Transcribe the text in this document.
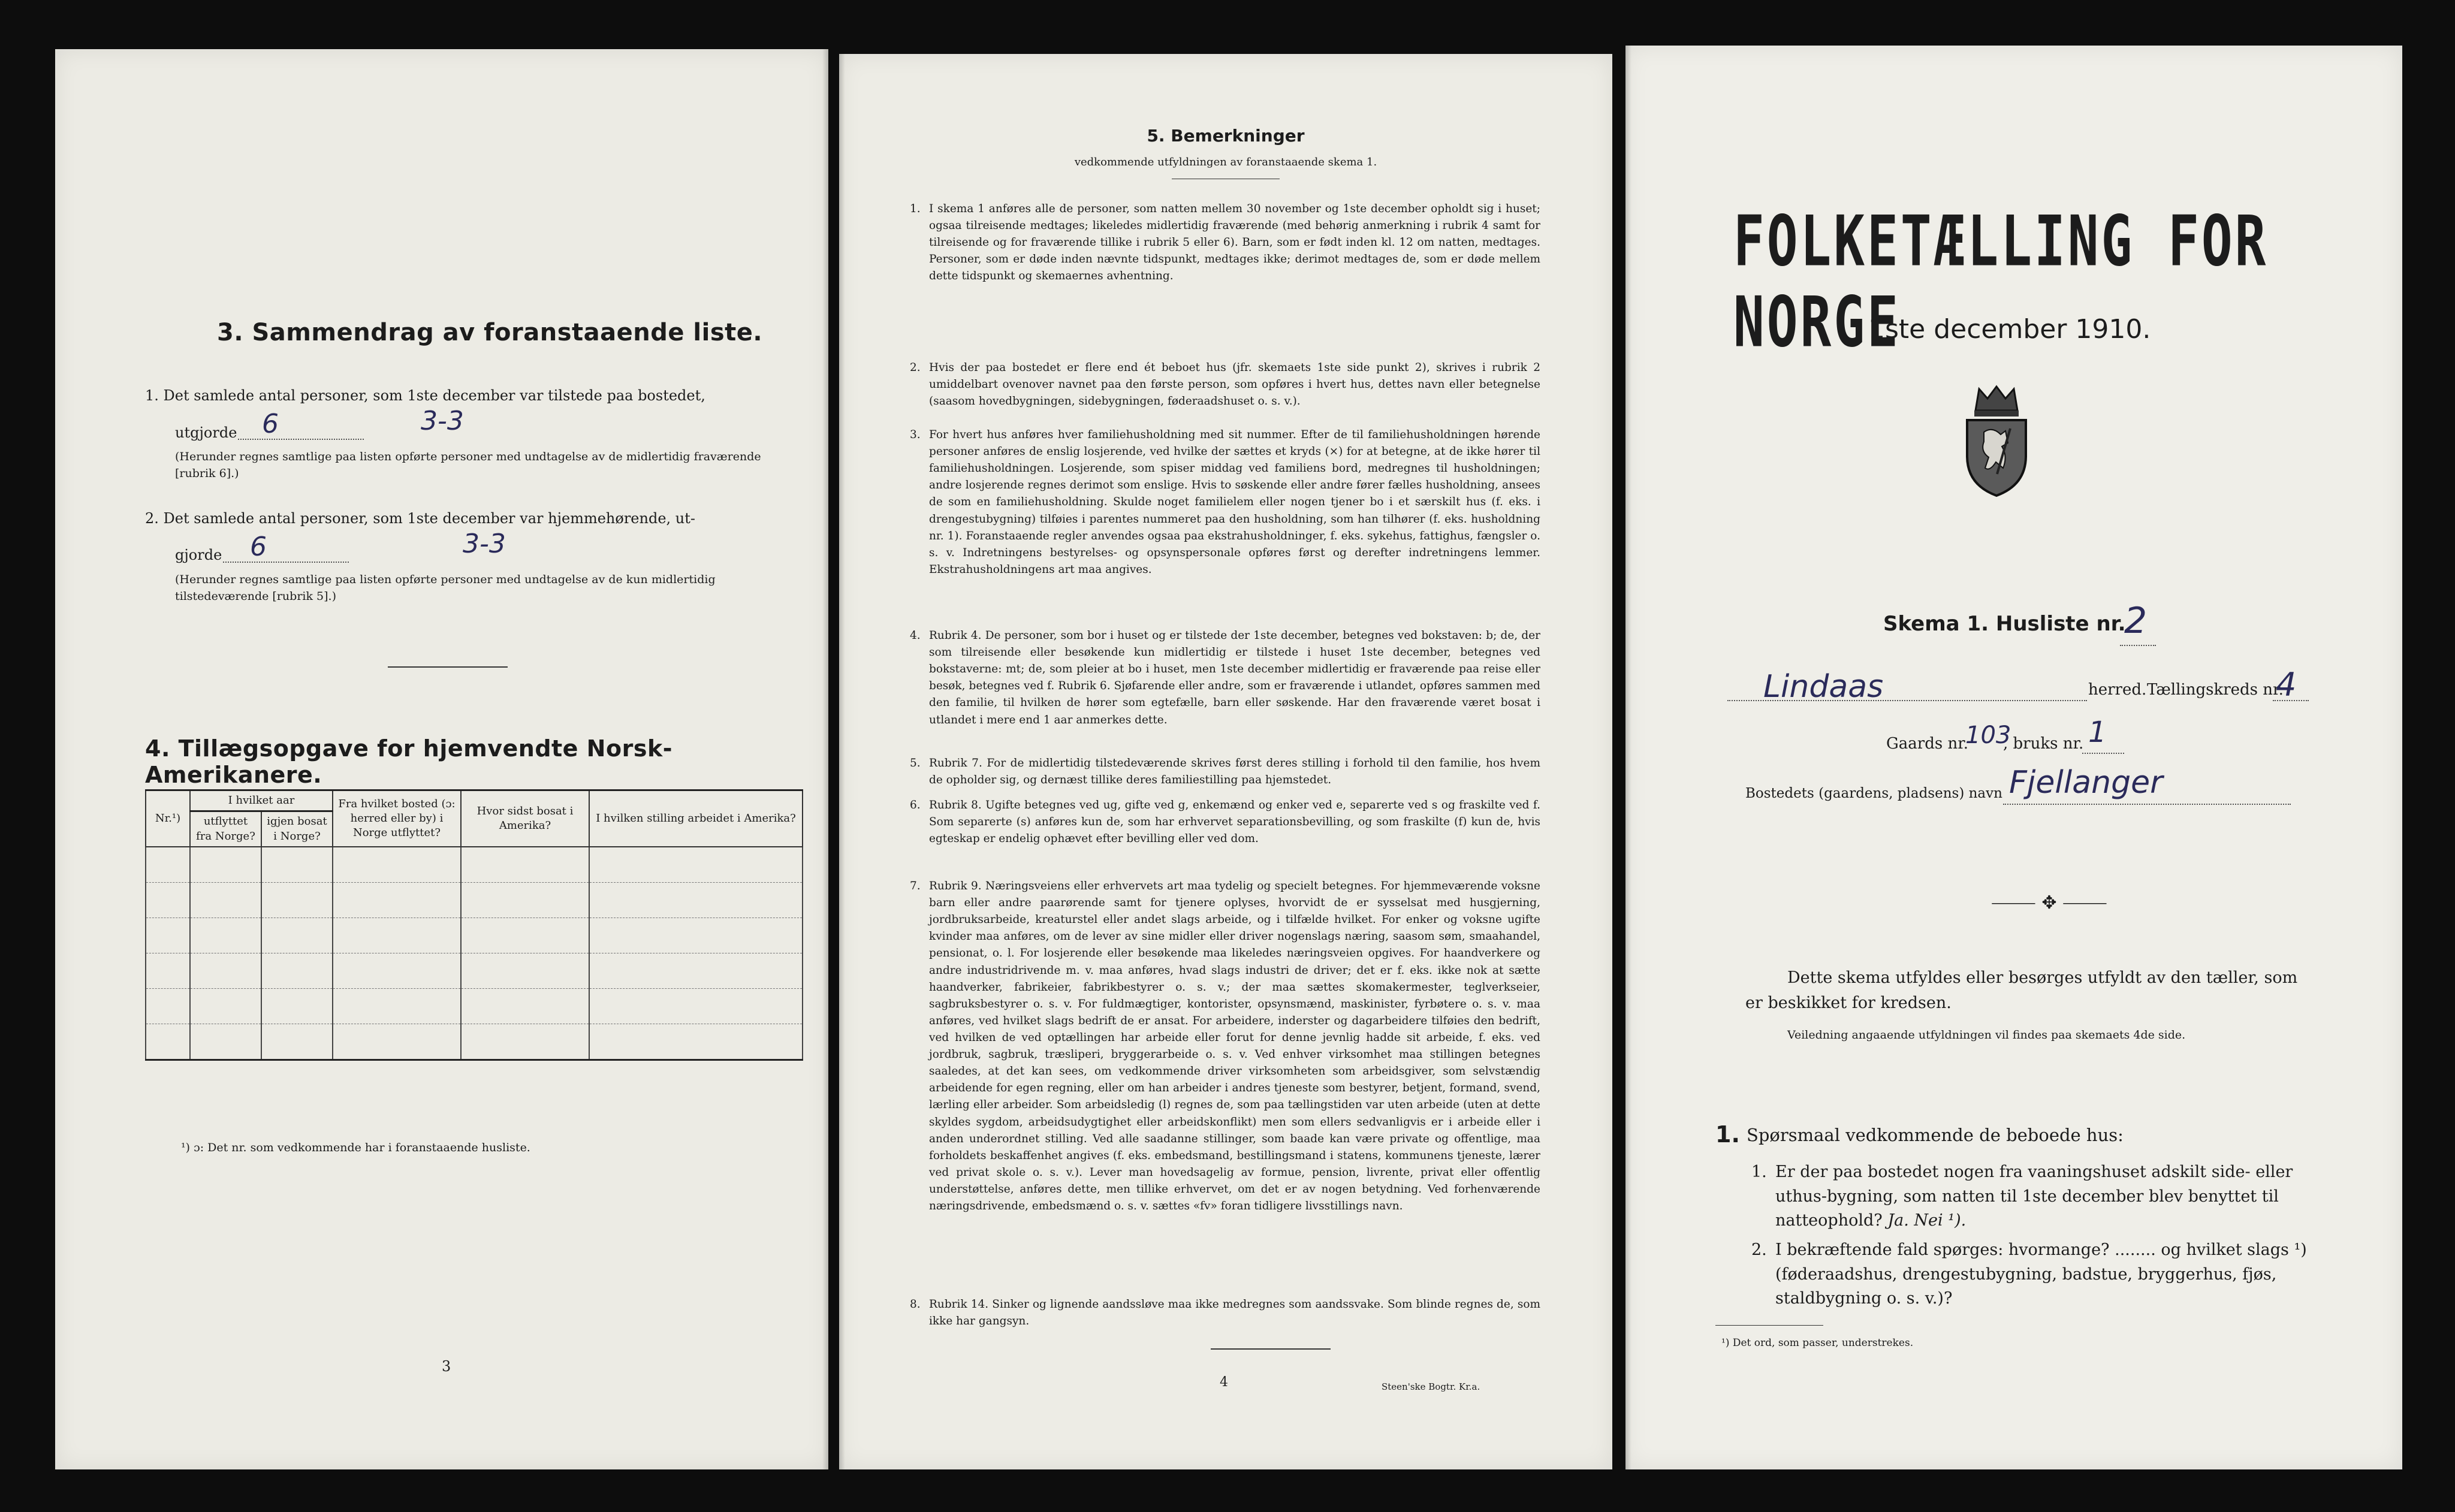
3. Sammendrag av foranstaaende liste.
1. Det samlede antal personer, som 1ste december var tilstede paa bostedet,
utgjorde 6	3-3
(Herunder regnes samtlige paa listen opførte personer med undtagelse av de midlertidig fraværende [rubrik 6].)
2. Det samlede antal personer, som 1ste december var hjemmehørende, ut-
gjorde 6	3-3
(Herunder regnes samtlige paa listen opførte personer med undtagelse av de kun midlertidig tilstedeværende [rubrik 5].)
4. Tillægsopgave for hjemvendte Norsk-Amerikanere.
Nr.¹)	I hvilket aar		Fra hvilket bosted (ɔ: herred eller by) i Norge utflyttet?	Hvor sidst bosat i Amerika?	I hvilken stilling arbeidet i Amerika?
	utflyttet fra Norge?	igjen bosat i Norge?			

¹) ɔ: Det nr. som vedkommende har i foranstaaende husliste.
3
5. Bemerkninger
vedkommende utfyldningen av foranstaaende skema 1.
1. I skema 1 anføres alle de personer, som natten mellem 30 november og 1ste december opholdt sig i huset; ogsaa tilreisende medtages; likeledes midlertidig fraværende (med behørig anmerkning i rubrik 4 samt for tilreisende og for fraværende tillike i rubrik 5 eller 6). Barn, som er født inden kl. 12 om natten, medtages. Personer, som er døde inden nævnte tidspunkt, medtages ikke; derimot medtages de, som er døde mellem dette tidspunkt og skemaernes avhentning.
2. Hvis der paa bostedet er flere end ét beboet hus (jfr. skemaets 1ste side punkt 2), skrives i rubrik 2 umiddelbart ovenover navnet paa den første person, som opføres i hvert hus, dettes navn eller betegnelse (saasom hovedbygningen, sidebygningen, føderaadshuset o. s. v.).
3. For hvert hus anføres hver familiehusholdning med sit nummer. Efter de til familiehusholdningen hørende personer anføres de enslig losjerende, ved hvilke der sættes et kryds (×) for at betegne, at de ikke hører til familiehusholdningen. Losjerende, som spiser middag ved familiens bord, medregnes til husholdningen; andre losjerende regnes derimot som enslige. Hvis to søskende eller andre fører fælles husholdning, ansees de som en familiehusholdning. Skulde noget familielem eller nogen tjener bo i et særskilt hus (f. eks. i drengestubygning) tilføies i parentes nummeret paa den husholdning, som han tilhører (f. eks. husholdning nr. 1). Foranstaaende regler anvendes ogsaa paa ekstrahusholdninger, f. eks. sykehus, fattighus, fængsler o. s. v. Indretningens bestyrelses- og opsynspersonale opføres først og derefter indretningens lemmer. Ekstrahusholdningens art maa angives.
4. Rubrik 4. De personer, som bor i huset og er tilstede der 1ste december, betegnes ved bokstaven: b; de, der som tilreisende eller besøkende kun midlertidig er tilstede i huset 1ste december, betegnes ved bokstaverne: mt; de, som pleier at bo i huset, men 1ste december midlertidig er fraværende paa reise eller besøk, betegnes ved f. Rubrik 6. Sjøfarende eller andre, som er fraværende i utlandet, opføres sammen med den familie, til hvilken de hører som egtefælle, barn eller søskende. Har den fraværende været bosat i utlandet i mere end 1 aar anmerkes dette.
5. Rubrik 7. For de midlertidig tilstedeværende skrives først deres stilling i forhold til den familie, hos hvem de opholder sig, og dernæst tillike deres familiestilling paa hjemstedet.
6. Rubrik 8. Ugifte betegnes ved ug, gifte ved g, enkemænd og enker ved e, separerte ved s og fraskilte ved f. Som separerte (s) anføres kun de, som har erhvervet separationsbevilling, og som fraskilte (f) kun de, hvis egteskap er endelig ophævet efter bevilling eller ved dom.
7. Rubrik 9. Næringsveiens eller erhvervets art maa tydelig og specielt betegnes. For hjemmeværende voksne barn eller andre paarørende samt for tjenere oplyses, hvorvidt de er sysselsat med husgjerning, jordbruksarbeide, kreaturstel eller andet slags arbeide, og i tilfælde hvilket. For enker og voksne ugifte kvinder maa anføres, om de lever av sine midler eller driver nogenslags næring, saasom søm, smaahandel, pensionat, o. l. For losjerende eller besøkende maa likeledes næringsveien opgives. For haandverkere og andre industridrivende m. v. maa anføres, hvad slags industri de driver; det er f. eks. ikke nok at sætte haandverker, fabrikeier, fabrikbestyrer o. s. v.; der maa sættes skomakermester, teglverkseier, sagbruksbestyrer o. s. v. For fuldmægtiger, kontorister, opsynsmænd, maskinister, fyrbøtere o. s. v. maa anføres, ved hvilket slags bedrift de er ansat. For arbeidere, inderster og dagarbeidere tilføies den bedrift, ved hvilken de ved optællingen har arbeide eller forut for denne jevnlig hadde sit arbeide, f. eks. ved jordbruk, sagbruk, træsliperi, bryggerarbeide o. s. v. Ved enhver virksomhet maa stillingen betegnes saaledes, at det kan sees, om vedkommende driver virksomheten som arbeidsgiver, som selvstændig arbeidende for egen regning, eller om han arbeider i andres tjeneste som bestyrer, betjent, formand, svend, lærling eller arbeider. Som arbeidsledig (l) regnes de, som paa tællingstiden var uten arbeide (uten at dette skyldes sygdom, arbeidsudygtighet eller arbeidskonflikt) men som ellers sedvanligvis er i arbeide eller i anden underordnet stilling. Ved alle saadanne stillinger, som baade kan være private og offentlige, maa forholdets beskaffenhet angives (f. eks. embedsmand, bestillingsmand i statens, kommunens tjeneste, lærer ved privat skole o. s. v.). Lever man hovedsagelig av formue, pension, livrente, privat eller offentlig understøttelse, anføres dette, men tillike erhvervet, om det er av nogen betydning. Ved forhenværende næringsdrivende, embedsmænd o. s. v. sættes «fv» foran tidligere livsstillings navn.
8. Rubrik 14. Sinker og lignende aandssløve maa ikke medregnes som aandssvake. Som blinde regnes de, som ikke har gangsyn.
4	Steen'ske Bogtr. Kr.a.
FOLKETÆLLING FOR NORGE
1ste december 1910.
Skema 1. Husliste nr.
2
Lindaas	herred. Tællingskreds nr.
4
Gaards nr.
103
, bruks nr. 1
Bostedets (gaardens, pladsens) navn Fjellanger
⸻ ✥ ⸻
Dette skema utfyldes eller besørges utfyldt av den tæller, som er beskikket for kredsen.
Veiledning angaaende utfyldningen vil findes paa skemaets 4de side.
1. Spørsmaal vedkommende de beboede hus:
1. Er der paa bostedet nogen fra vaaningshuset adskilt side- eller uthus-bygning, som natten til 1ste december blev benyttet til natteophold? Ja. Nei ¹).
2. I bekræftende fald spørges: hvormange? ........ og hvilket slags ¹) (føderaadshus, drengestubygning, badstue, bryggerhus, fjøs, staldbygning o. s. v.)?
¹) Det ord, som passer, understrekes.
